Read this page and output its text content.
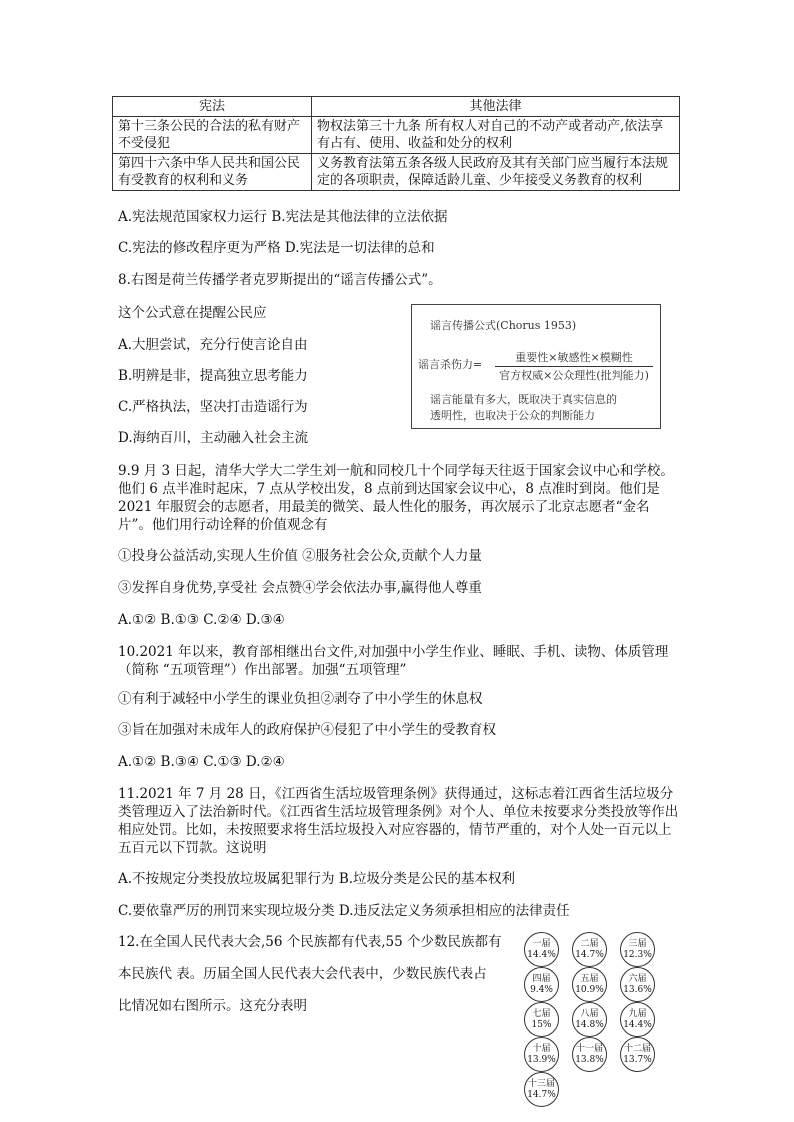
宪法	其他法律
第十三条公民的合法的私有财产不受侵犯	物权法第三十九条 所有权人对自己的不动产或者动产,依法享有占有、使用、收益和处分的权利
第四十六条中华人民共和国公民有受教育的权利和义务	义务教育法第五条各级人民政府及其有关部门应当履行本法规定的各项职责，保障适龄儿童、少年接受义务教育的权利
A.宪法规范国家权力运行 B.宪法是其他法律的立法依据
C.宪法的修改程序更为严格 D.宪法是一切法律的总和
8.右图是荷兰传播学者克罗斯提出的“谣言传播公式”。
这个公式意在提醒公民应
A.大胆尝试，充分行使言论自由
B.明辨是非，提高独立思考能力
C.严格执法，坚决打击造谣行为
D.海纳百川，主动融入社会主流
谣言传播公式(Chorus 1953)
谣言杀伤力=
重要性×敏感性×模糊性
官方权威×公众理性(批判能力)
谣言能量有多大，既取决于真实信息的
透明性，也取决于公众的判断能力
9.9 月 3 日起，清华大学大二学生刘一航和同校几十个同学每天往返于国家会议中心和学校。 他们 6 点半准时起床，7 点从学校出发，8 点前到达国家会议中心，8 点准时到岗。他们是 2021 年服贸会的志愿者，用最美的微笑、最人性化的服务，再次展示了北京志愿者“金名片”。他们用行动诠释的价值观念有
①投身公益活动,实现人生价值 ②服务社会公众,贡献个人力量
③发挥自身优势,享受社 会点赞④学会依法办事,赢得他人尊重
A.①② B.①③ C.②④ D.③④
10.2021 年以来，教育部相继出台文件,对加强中小学生作业、睡眠、手机、读物、体质管理（简称 “五项管理”）作出部署。加强“五项管理”
①有利于减轻中小学生的课业负担②剥夺了中小学生的休息权
③旨在加强对未成年人的政府保护④侵犯了中小学生的受教育权
A.①② B.③④ C.①③ D.②④
11.2021 年 7 月 28 日，《江西省生活垃圾管理条例》获得通过，这标志着江西省生活垃圾分类管理迈入了法治新时代。《江西省生活垃圾管理条例》对个人、单位未按要求分类投放等作出相应处罚。比如，未按照要求将生活垃圾投入对应容器的，情节严重的，对个人处一百元以上五百元以下罚款。这说明
A.不按规定分类投放垃圾属犯罪行为 B.垃圾分类是公民的基本权利
C.要依靠严厉的刑罚来实现垃圾分类 D.违反法定义务须承担相应的法律责任
12.在全国人民代表大会,56 个民族都有代表,55 个少数民族都有
本民族代 表。历届全国人民代表大会代表中，少数民族代表占
比情况如右图所示。这充分表明
一届
14.4%
二届
14.7%
三届
12.3%
四届
9.4%
五届
10.9%
六届
13.6%
七届
15%
八届
14.8%
九届
14.4%
十届
13.9%
十一届
13.8%
十二届
13.7%
十三届
14.7%
